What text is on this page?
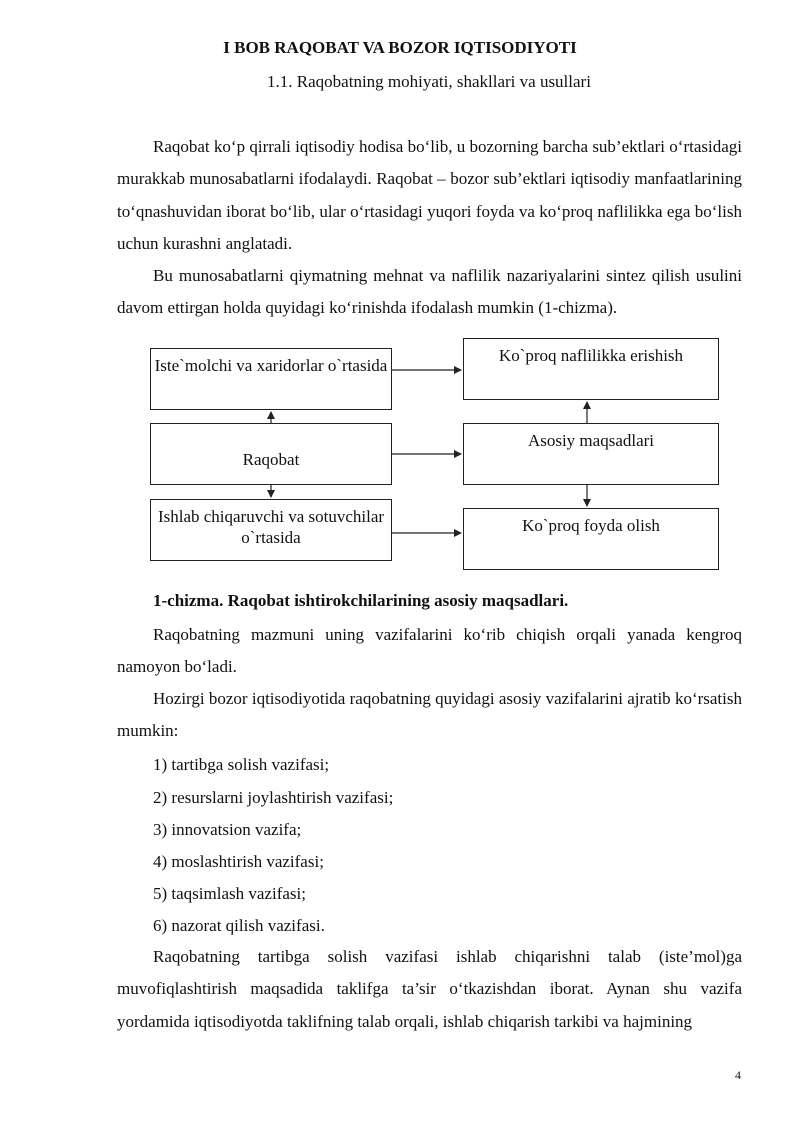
I BOB RAQOBAT VA BOZOR IQTISODIYOTI
1.1. Raqobatning mohiyati, shakllari va usullari

Raqobat ko‘p qirrali iqtisodiy hodisa bo‘lib, u bozorning barcha sub’ektlari o‘rtasidagi murakkab munosabatlarni ifodalaydi. Raqobat – bozor sub’ektlari iqtisodiy manfaatlarining to‘qnashuvidan iborat bo‘lib, ular o‘rtasidagi yuqori foyda va ko‘proq naflilikka ega bo‘lish uchun kurashni anglatadi.

Bu munosabatlarni qiymatning mehnat va naflilik nazariyalarini sintez qilish usulini davom ettirgan holda quyidagi ko‘rinishda ifodalash mumkin (1-chizma).

Iste`molchi va xaridorlar o`rtasida
Raqobat
Ishlab chiqaruvchi va sotuvchilar o`rtasida
Ko`proq naflilikka erishish
Asosiy maqsadlari
Ko`proq foyda olish
1-chizma. Raqobat ishtirokchilarining asosiy maqsadlari.

Raqobatning mazmuni uning vazifalarini ko‘rib chiqish orqali yanada kengroq namoyon bo‘ladi.

Hozirgi bozor iqtisodiyotida raqobatning quyidagi asosiy vazifalarini ajratib ko‘rsatish mumkin:

1) tartibga solish vazifasi;
2) resurslarni joylashtirish vazifasi;
3) innovatsion vazifa;
4) moslashtirish vazifasi;
5) taqsimlash vazifasi;
6) nazorat qilish vazifasi.

Raqobatning tartibga solish vazifasi ishlab chiqarishni talab (iste’mol)ga muvofiqlashtirish maqsadida taklifga ta’sir o‘tkazishdan iborat. Aynan shu vazifa yordamida iqtisodiyotda taklifning talab orqali, ishlab chiqarish tarkibi va hajmining

4
